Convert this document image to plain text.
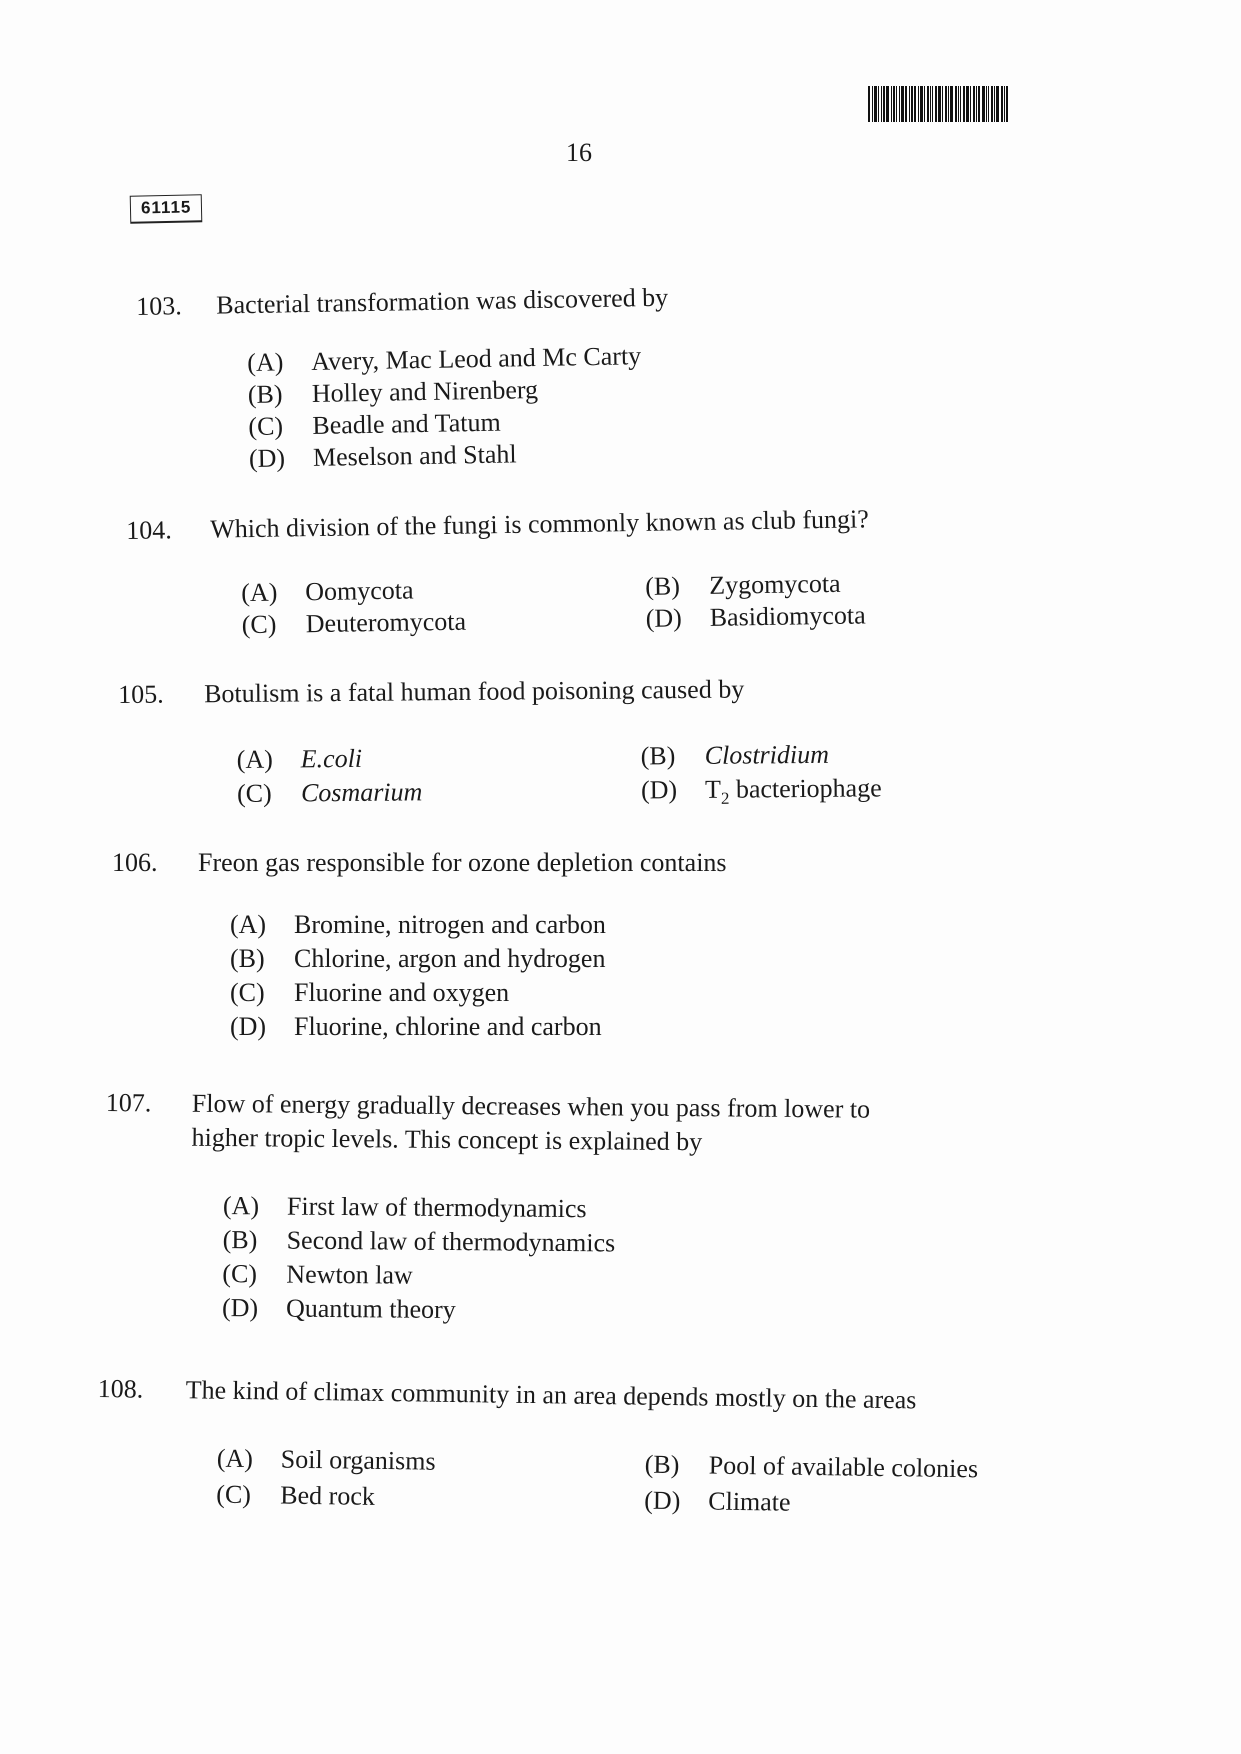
16
61115
103. Bacterial transformation was discovered by
(A) Avery, Mac Leod and Mc Carty
(B) Holley and Nirenberg
(C) Beadle and Tatum
(D) Meselson and Stahl
104. Which division of the fungi is commonly known as club fungi?
(A) Oomycota	(B) Zygomycota
(C) Deuteromycota	(D) Basidiomycota
105. Botulism is a fatal human food poisoning caused by
(A) E.coli	(B) Clostridium
(C) Cosmarium	(D) $T_2$ bacteriophage
106. Freon gas responsible for ozone depletion contains
(A) Bromine, nitrogen and carbon
(B) Chlorine, argon and hydrogen
(C) Fluorine and oxygen
(D) Fluorine, chlorine and carbon
107. Flow of energy gradually decreases when you pass from lower to
higher tropic levels. This concept is explained by
(A) First law of thermodynamics
(B) Second law of thermodynamics
(C) Newton law
(D) Quantum theory
108. The kind of climax community in an area depends mostly on the areas
(A) Soil organisms	(B) Pool of available colonies
(C) Bed rock	(D) Climate
